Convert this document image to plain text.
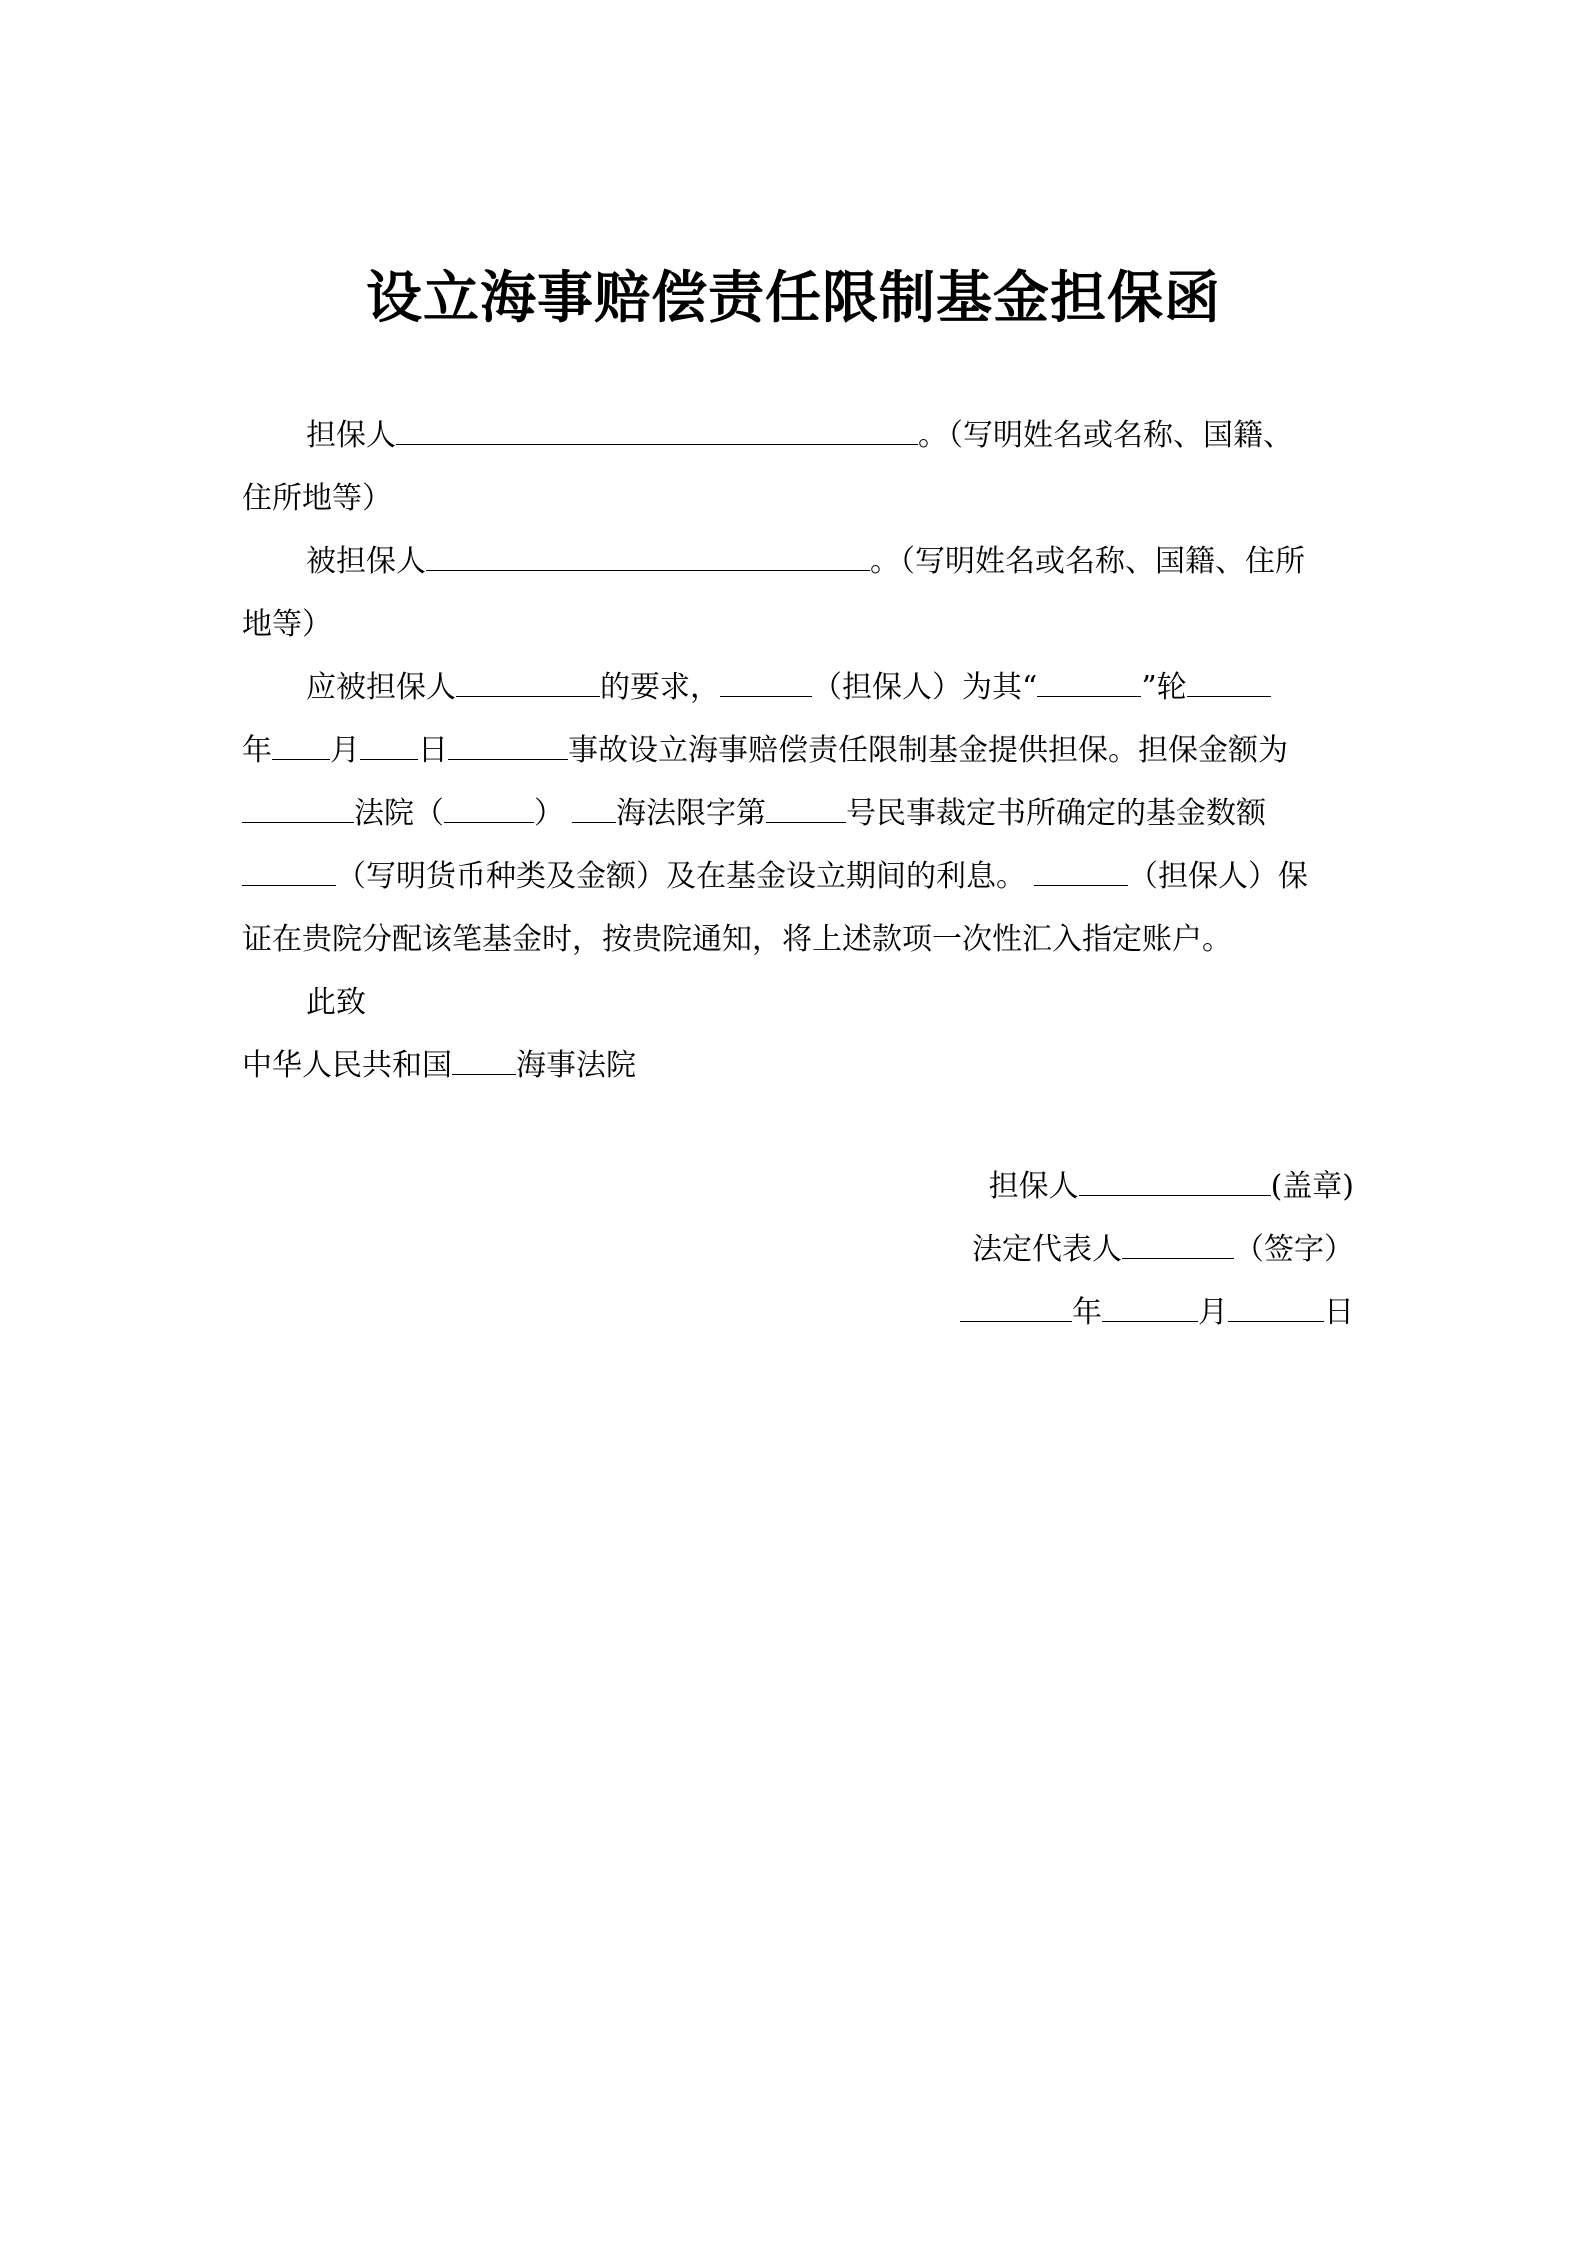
设立海事赔偿责任限制基金担保函
担保人	。（写明姓名或名称、国籍、
住所地等）
被担保人	。（写明姓名或名称、国籍、住所
地等）
应被担保人	的要求，	（担保人）为其“	”轮
年 月 日	事故设立海事赔偿责任限制基金提供担保。担保金额为
法院（	） 海法限字第	号民事裁定书所确定的基金数额
（写明货币种类及金额）及在基金设立期间的利息。	（担保人）保
证在贵院分配该笔基金时，按贵院通知，将上述款项一次性汇入指定账户。
此致
中华人民共和国 海事法院
担保人	(盖章)
法定代表人	（签字）
年	月	日
